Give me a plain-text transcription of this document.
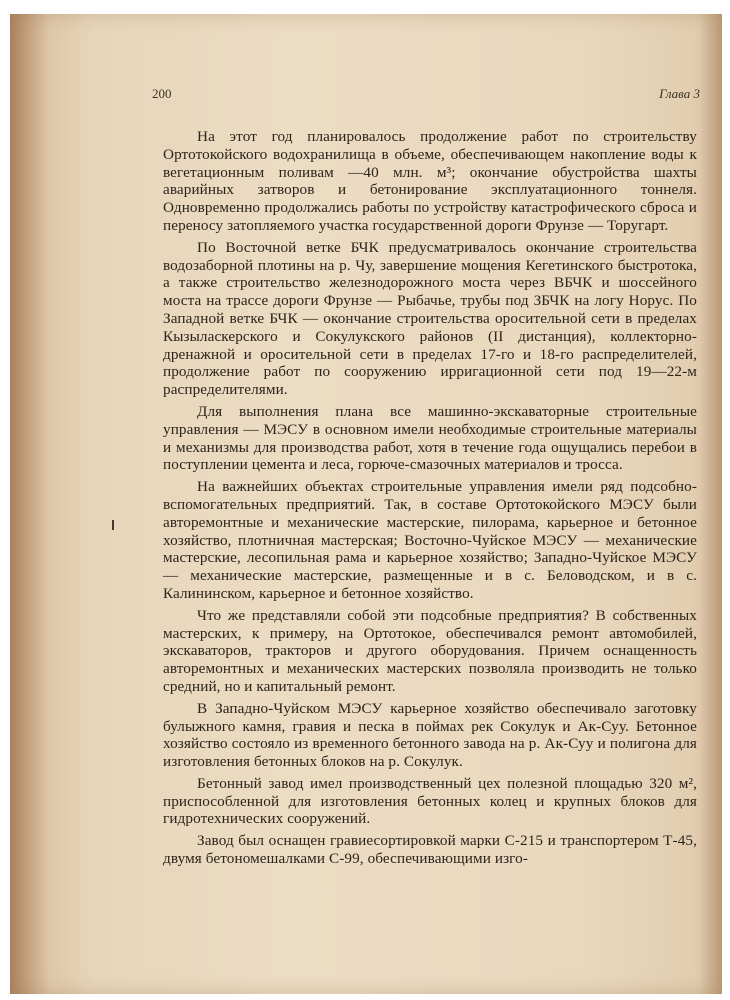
200	Глава 3

На этот год планировалось продолжение работ по строительству Ортотокойского водохранилища в объеме, обеспечивающем накопление воды к вегетационным поливам —40 млн. м³; окончание обустройства шахты аварийных затворов и бетонирование эксплуатационного тоннеля. Одновременно продолжались работы по устройству катастрофического сброса и переносу затопляемого участка государственной дороги Фрунзе — Торугарт.

По Восточной ветке БЧК предусматривалось окончание строительства водозаборной плотины на р. Чу, завершение мощения Кегетинского быстротока, а также строительство железнодорожного моста через ВБЧК и шоссейного моста на трассе дороги Фрунзе — Рыбачье, трубы под ЗБЧК на логу Норус. По Западной ветке БЧК — окончание строительства оросительной сети в пределах Кызыласкерского и Сокулукского районов (II дистанция), коллекторно-дренажной и оросительной сети в пределах 17-го и 18-го распределителей, продолжение работ по сооружению ирригационной сети под 19—22-м распределителями.

Для выполнения плана все машинно-экскаваторные строительные управления — МЭСУ в основном имели необходимые строительные материалы и механизмы для производства работ, хотя в течение года ощущались перебои в поступлении цемента и леса, горюче-смазочных материалов и тросса.

На важнейших объектах строительные управления имели ряд подсобно-вспомогательных предприятий. Так, в составе Ортотокойского МЭСУ были авторемонтные и механические мастерские, пилорама, карьерное и бетонное хозяйство, плотничная мастерская; Восточно-Чуйское МЭСУ — механические мастерские, лесопильная рама и карьерное хозяйство; Западно-Чуйское МЭСУ — механические мастерские, размещенные и в с. Беловодском, и в с. Калининском, карьерное и бетонное хозяйство.

Что же представляли собой эти подсобные предприятия? В собственных мастерских, к примеру, на Ортотокое, обеспечивался ремонт автомобилей, экскаваторов, тракторов и другого оборудования. Причем оснащенность авторемонтных и механических мастерских позволяла производить не только средний, но и капитальный ремонт.

В Западно-Чуйском МЭСУ карьерное хозяйство обеспечивало заготовку булыжного камня, гравия и песка в поймах рек Сокулук и Ак-Суу. Бетонное хозяйство состояло из временного бетонного завода на р. Ак-Суу и полигона для изготовления бетонных блоков на р. Сокулук.

Бетонный завод имел производственный цех полезной площадью 320 м², приспособленной для изготовления бетонных колец и крупных блоков для гидротехнических сооружений.

Завод был оснащен гравиесортировкой марки С-215 и транспортером Т-45, двумя бетономешалками С-99, обеспечивающими изго-
